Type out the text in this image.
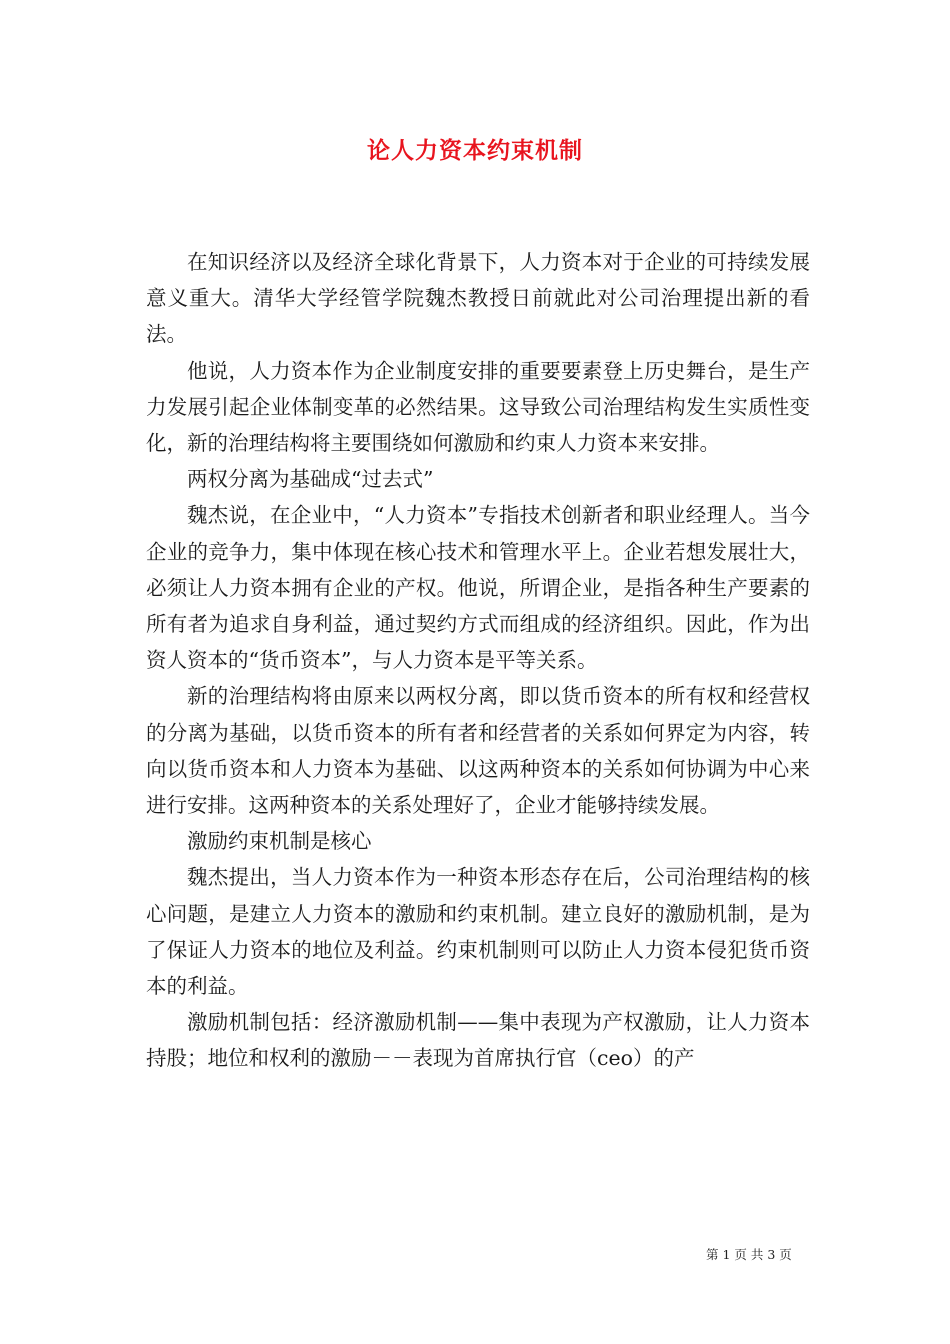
论人力资本约束机制

在知识经济以及经济全球化背景下，人力资本对于企业的可持续发展意义重大。清华大学经管学院魏杰教授日前就此对公司治理提出新的看法。

他说，人力资本作为企业制度安排的重要要素登上历史舞台，是生产力发展引起企业体制变革的必然结果。这导致公司治理结构发生实质性变化，新的治理结构将主要围绕如何激励和约束人力资本来安排。

两权分离为基础成“过去式”

魏杰说，在企业中，“人力资本”专指技术创新者和职业经理人。当今企业的竞争力，集中体现在核心技术和管理水平上。企业若想发展壮大，必须让人力资本拥有企业的产权。他说，所谓企业，是指各种生产要素的所有者为追求自身利益，通过契约方式而组成的经济组织。因此，作为出资人资本的“货币资本”，与人力资本是平等关系。

新的治理结构将由原来以两权分离，即以货币资本的所有权和经营权的分离为基础，以货币资本的所有者和经营者的关系如何界定为内容，转向以货币资本和人力资本为基础、以这两种资本的关系如何协调为中心来进行安排。这两种资本的关系处理好了，企业才能够持续发展。

激励约束机制是核心

魏杰提出，当人力资本作为一种资本形态存在后，公司治理结构的核心问题，是建立人力资本的激励和约束机制。建立良好的激励机制，是为了保证人力资本的地位及利益。约束机制则可以防止人力资本侵犯货币资本的利益。

激励机制包括：经济激励机制——集中表现为产权激励，让人力资本持股；地位和权利的激励－－表现为首席执行官（ceo）的产

第 1 页 共 3 页
